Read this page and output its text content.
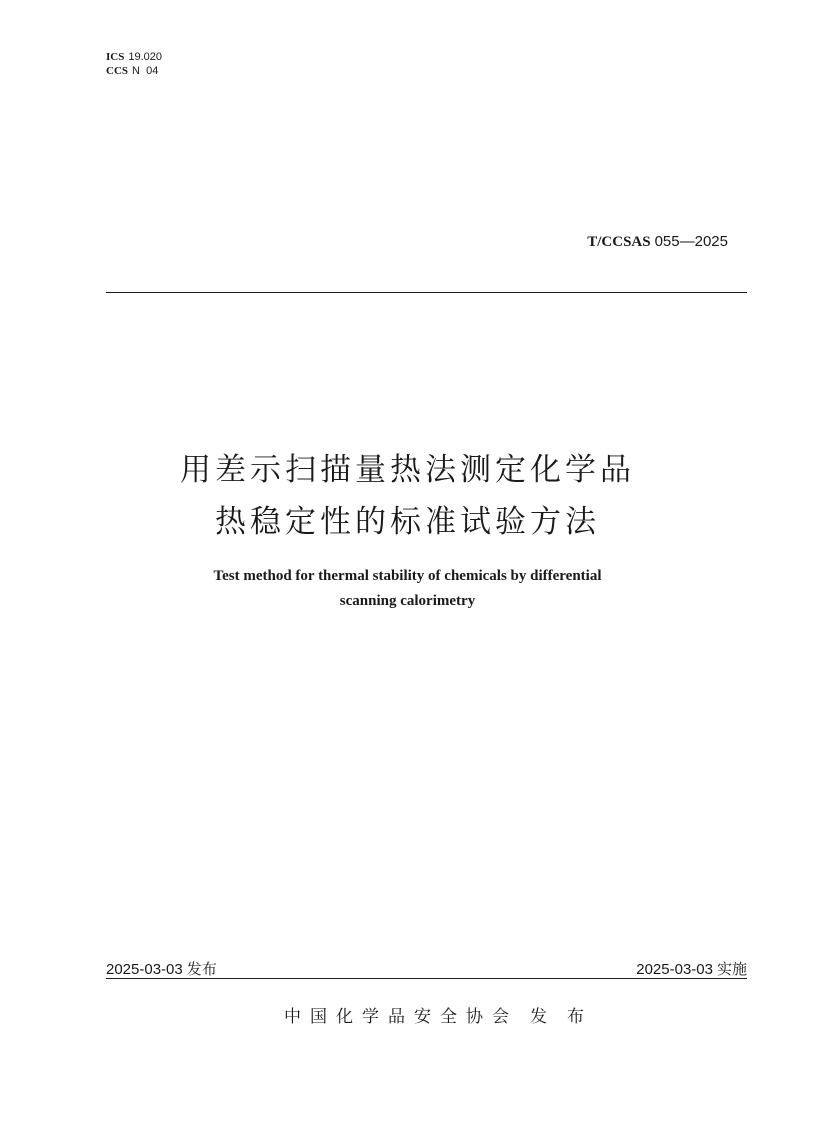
ICS 19.020
CCS N  04
T/CCSAS 055—2025
用差示扫描量热法测定化学品
热稳定性的标准试验方法
Test method for thermal stability of chemicals by differential
scanning calorimetry
2025-03-03 发布	2025-03-03 实施
中国化学品安全协会 发布
